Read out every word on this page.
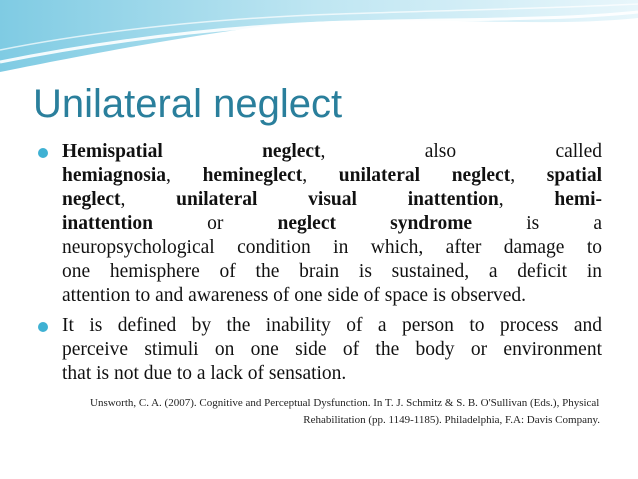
Unilateral neglect
Hemispatial	neglect, also called
hemiagnosia, hemineglect, unilateral neglect, spatial
neglect, unilateral visual inattention, hemi-
inattention or neglect syndrome is a
neuropsychological condition in which, after damage to
one hemisphere of the brain is sustained, a deficit in
attention to and awareness of one side of space is observed.
It is defined by the inability of a person to process and
perceive stimuli on one side of the body or environment
that is not due to a lack of sensation.
Unsworth, C. A. (2007). Cognitive and Perceptual Dysfunction. In T. J. Schmitz & S. B. O'Sullivan (Eds.), Physical
Rehabilitation (pp. 1149-1185). Philadelphia, F.A: Davis Company.
